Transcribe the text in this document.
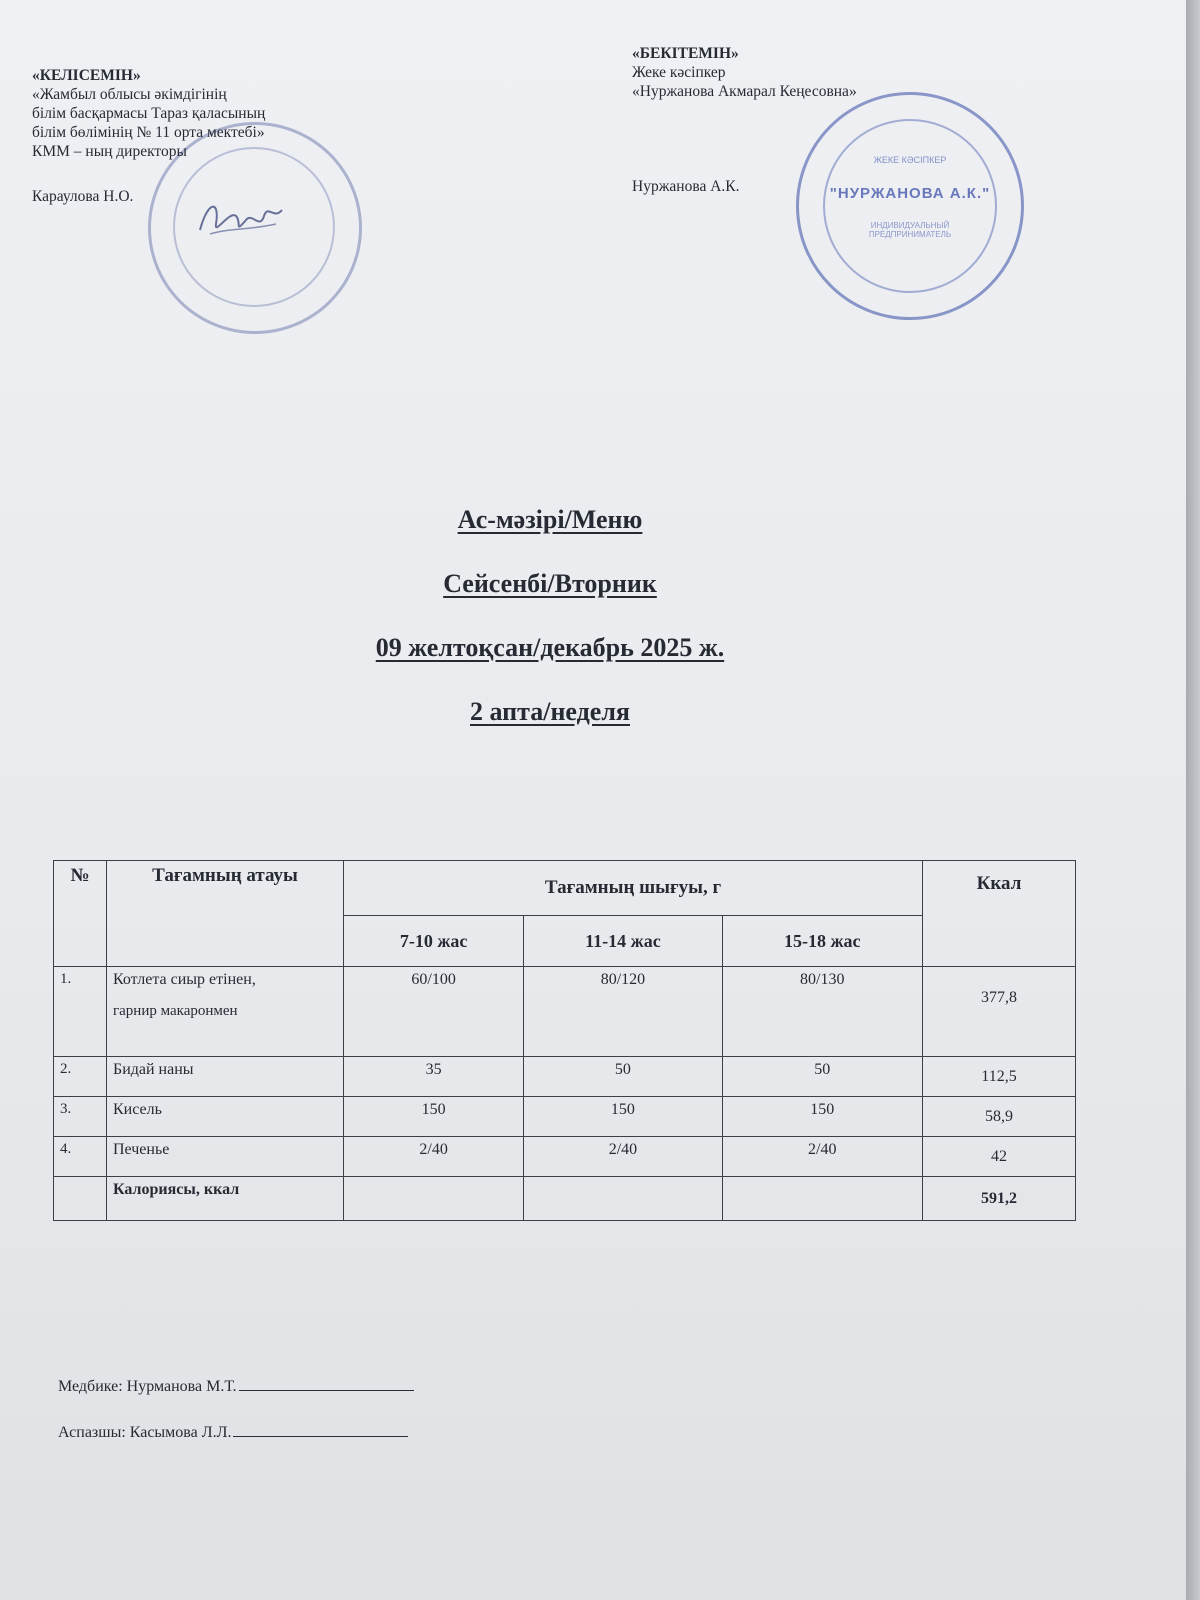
«КЕЛІСЕМІН»
«Жамбыл облысы әкімдігінің
білім басқармасы Тараз қаласының
білім бөлімінің № 11 орта мектебі»
КММ – ның директоры
Караулова Н.О.
«БЕКІТЕМІН»
Жеке кәсіпкер
«Нуржанова Акмарал Кеңесовна»
Нуржанова А.К.
ЖЕКЕ КӘСІПКЕР
"НУРЖАНОВА А.К."
ИНДИВИДУАЛЬНЫЙ ПРЕДПРИНИМАТЕЛЬ
Ас-мәзірі/Меню
Сейсенбі/Вторник
09 желтоқсан/декабрь 2025 ж.
2 апта/неделя
№	Тағамның атауы	Тағамның шығуы, г			Ккал
		7-10 жас	11-14 жас	15-18 жас	
1.	Котлета сиыр етінен,
гарнир макаронмен	60/100	80/120	80/130	377,8
2.	Бидай наны	35	50	50	112,5
3.	Кисель	150	150	150	58,9
4.	Печенье	2/40	2/40	2/40	42
	Калориясы, ккал				591,2
Медбике: Нурманова М.Т.
Аспазшы: Касымова Л.Л.
